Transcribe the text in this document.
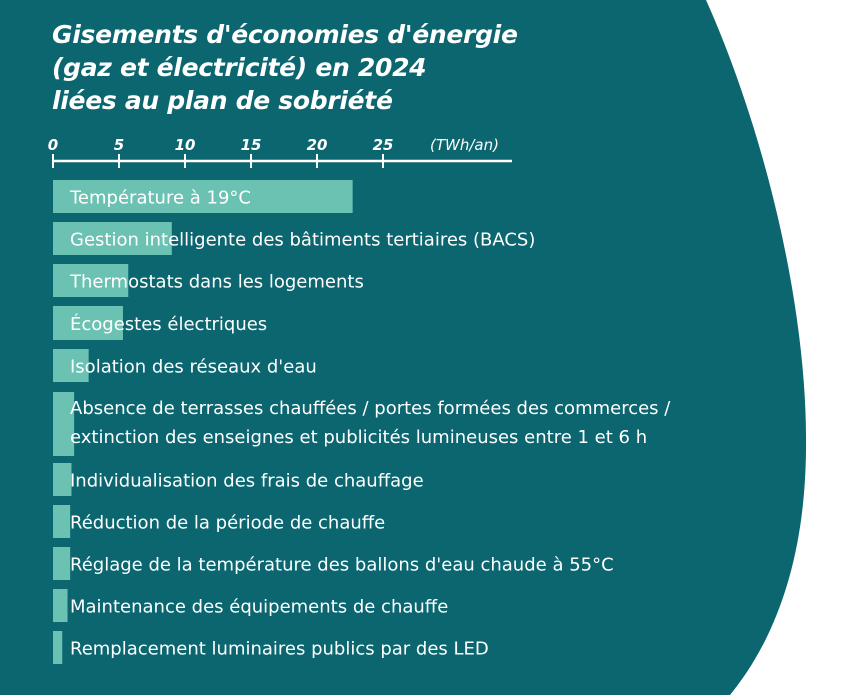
Gisements d'économies d'énergie
(gaz et électricité) en 2024
liées au plan de sobriété
0	5	10	15	20	25 (TWh/an)
Température à 19°C
Gestion intelligente des bâtiments tertiaires (BACS)
Thermostats dans les logements
Écogestes électriques
Isolation des réseaux d'eau
Absence de terrasses chauffées / portes formées des commerces /
extinction des enseignes et publicités lumineuses entre 1 et 6 h
Individualisation des frais de chauffage
Réduction de la période de chauffe
Réglage de la température des ballons d'eau chaude à 55°C
Maintenance des équipements de chauffe
Remplacement luminaires publics par des LED
